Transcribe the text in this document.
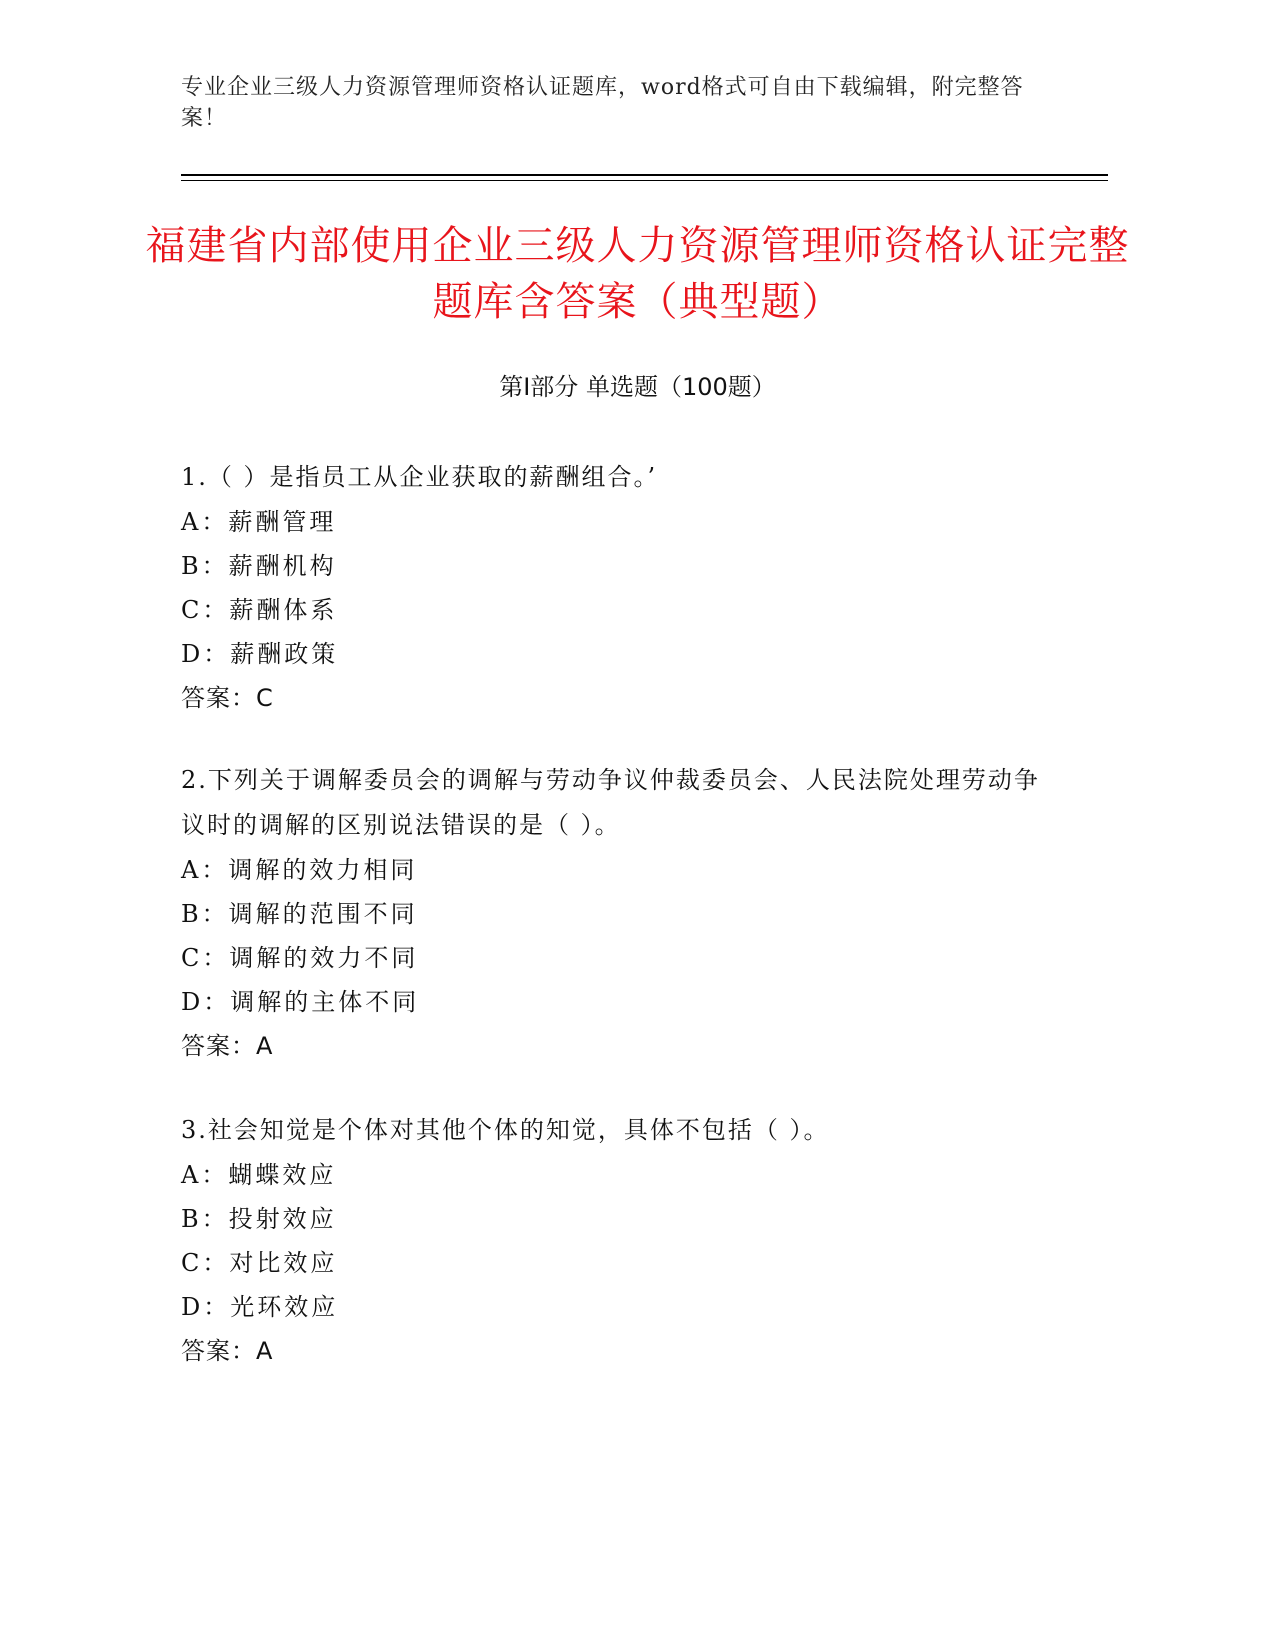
专业企业三级人力资源管理师资格认证题库，word格式可自由下载编辑，附完整答案！
福建省内部使用企业三级人力资源管理师资格认证完整题库含答案（典型题）
第Ⅰ部分 单选题（100题）
1.（ ）是指员工从企业获取的薪酬组合。’
A：薪酬管理
B：薪酬机构
C：薪酬体系
D：薪酬政策
答案：C
2.下列关于调解委员会的调解与劳动争议仲裁委员会、人民法院处理劳动争议时的调解的区别说法错误的是（ ）。
A：调解的效力相同
B：调解的范围不同
C：调解的效力不同
D：调解的主体不同
答案：A
3.社会知觉是个体对其他个体的知觉，具体不包括（ ）。
A：蝴蝶效应
B：投射效应
C：对比效应
D：光环效应
答案：A
